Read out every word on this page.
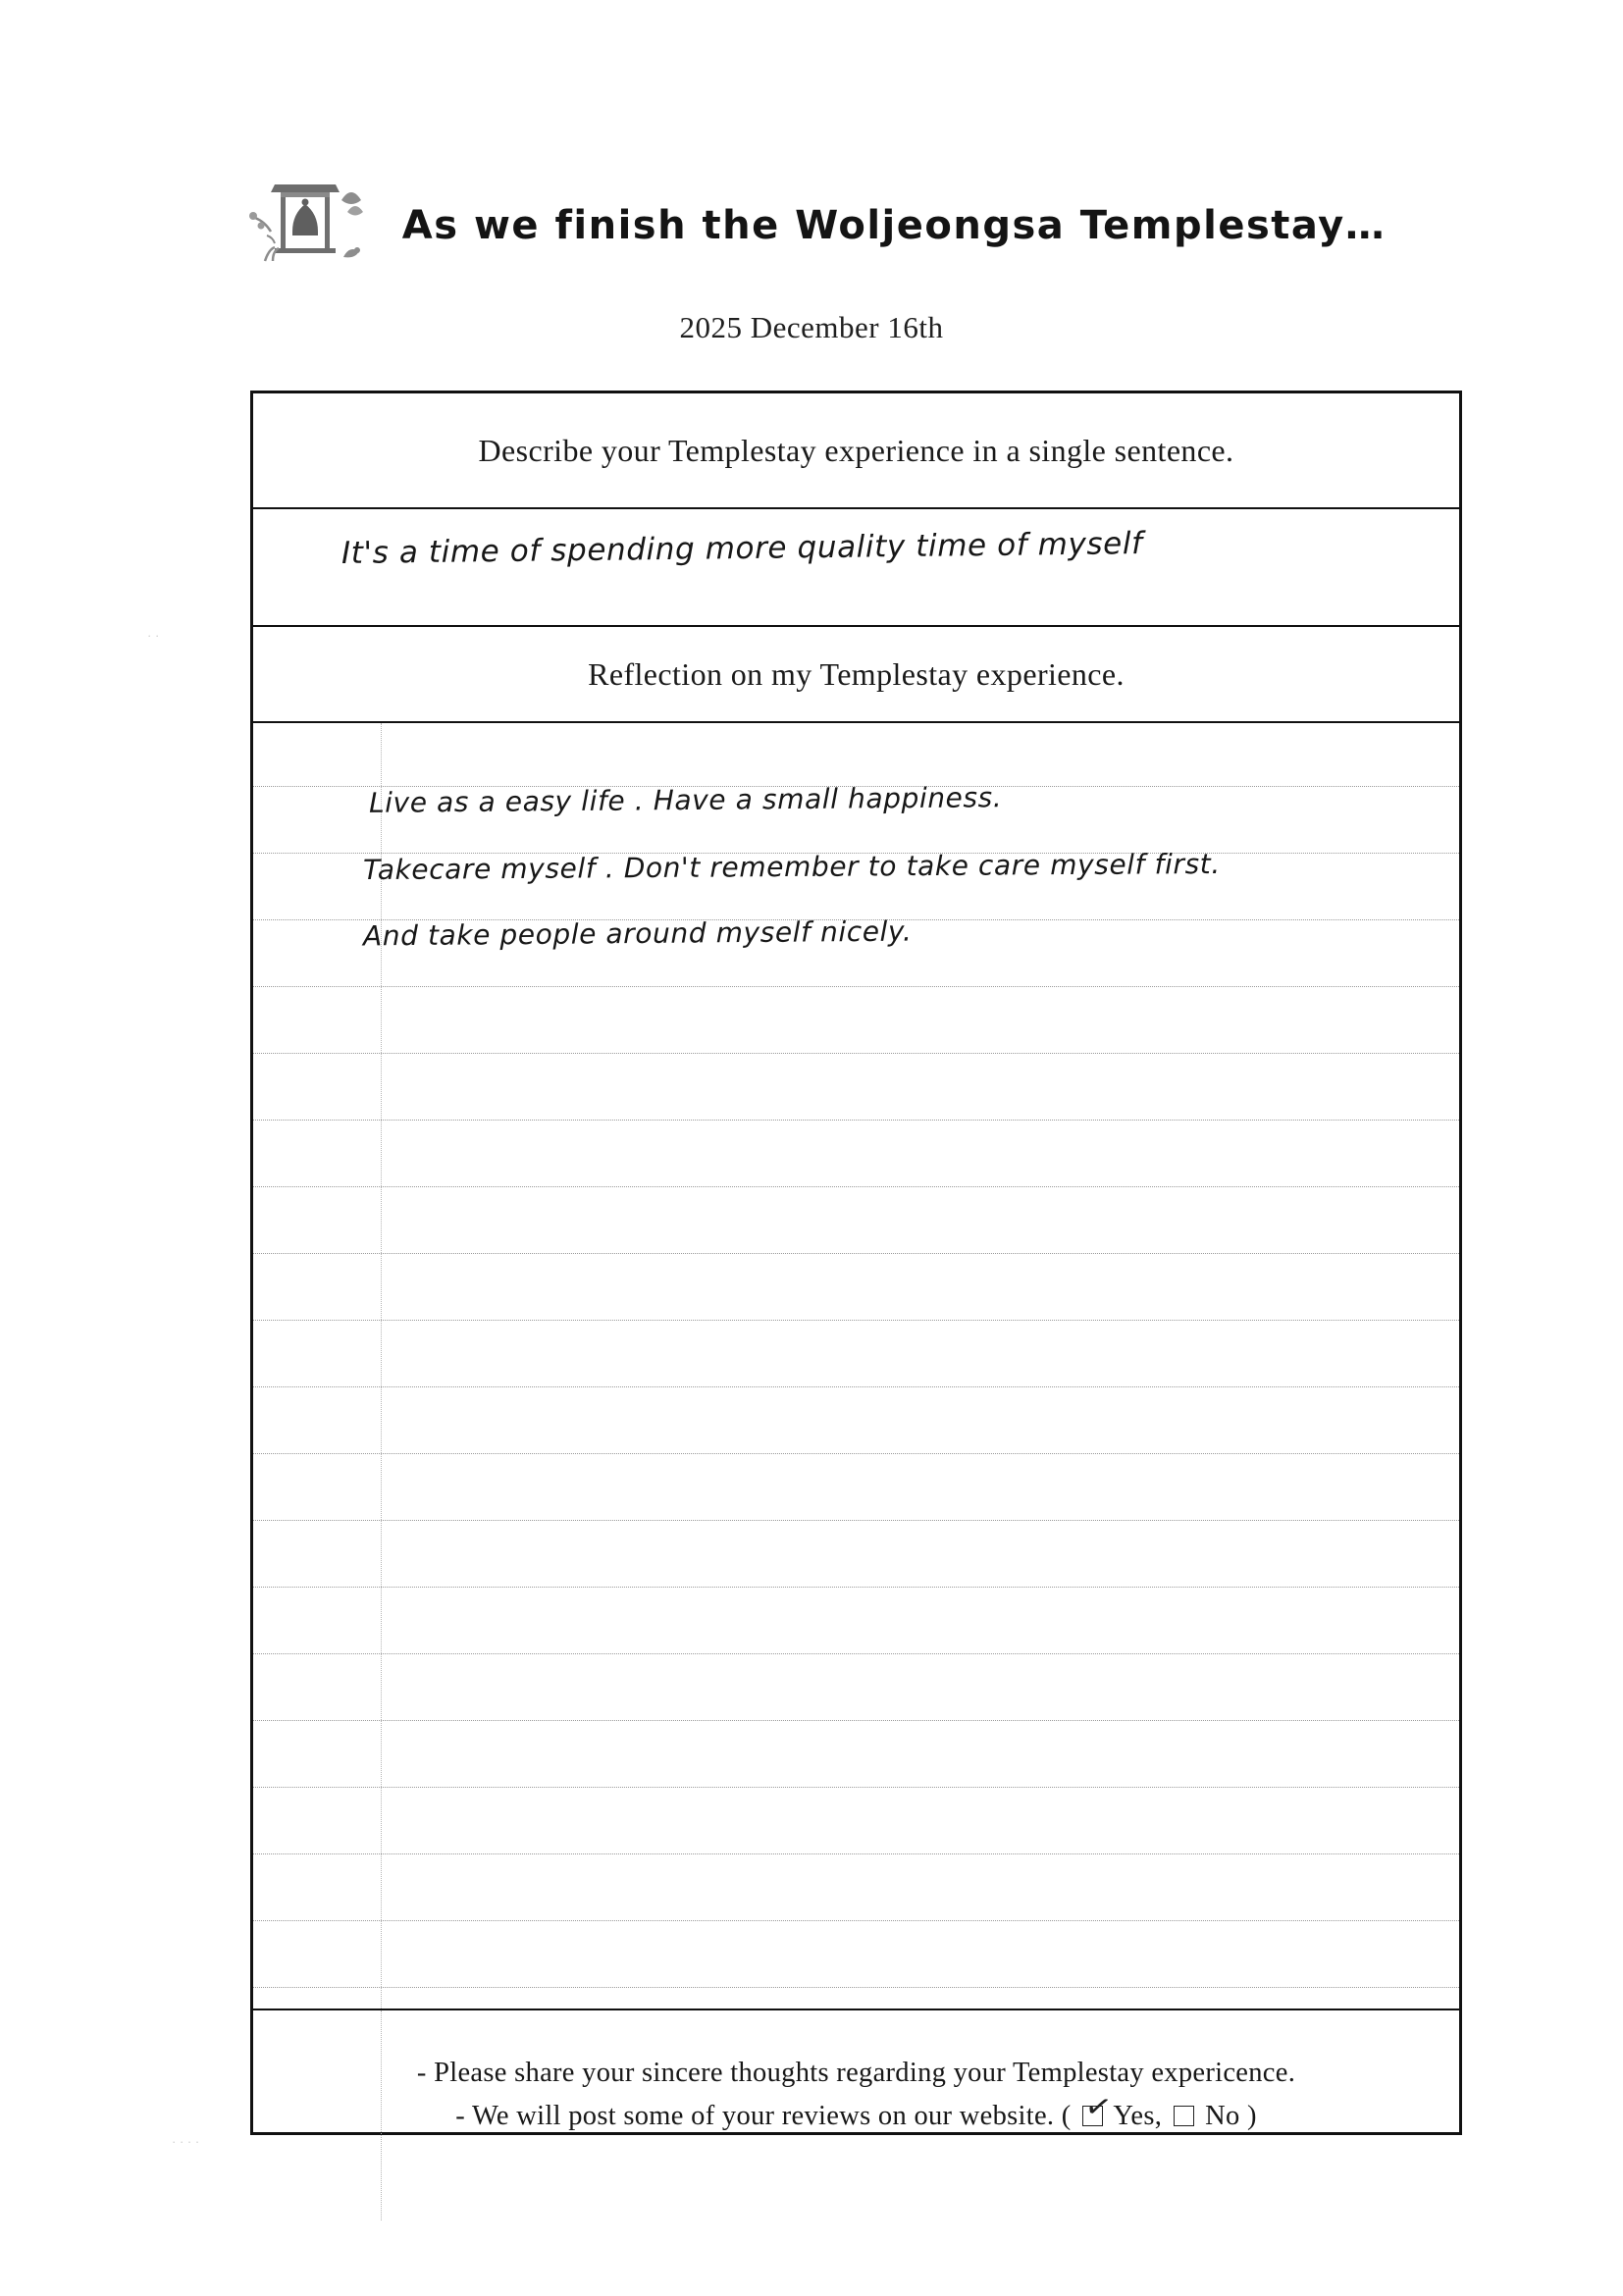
As we finish the Woljeongsa Templestay…
2025 December 16th
Describe your Templestay experience in a single sentence.
It's a time of spending more quality time of myself
Reflection on my Templestay experience.
Live as a easy life . Have a small happiness.
Takecare myself . Don't remember to take care myself first.
And take people around myself nicely.
- Please share your sincere thoughts regarding your Templestay expericence.
- We will post some of your reviews on our website. ( ✓
Yes, No )
· ·
· · · ·
